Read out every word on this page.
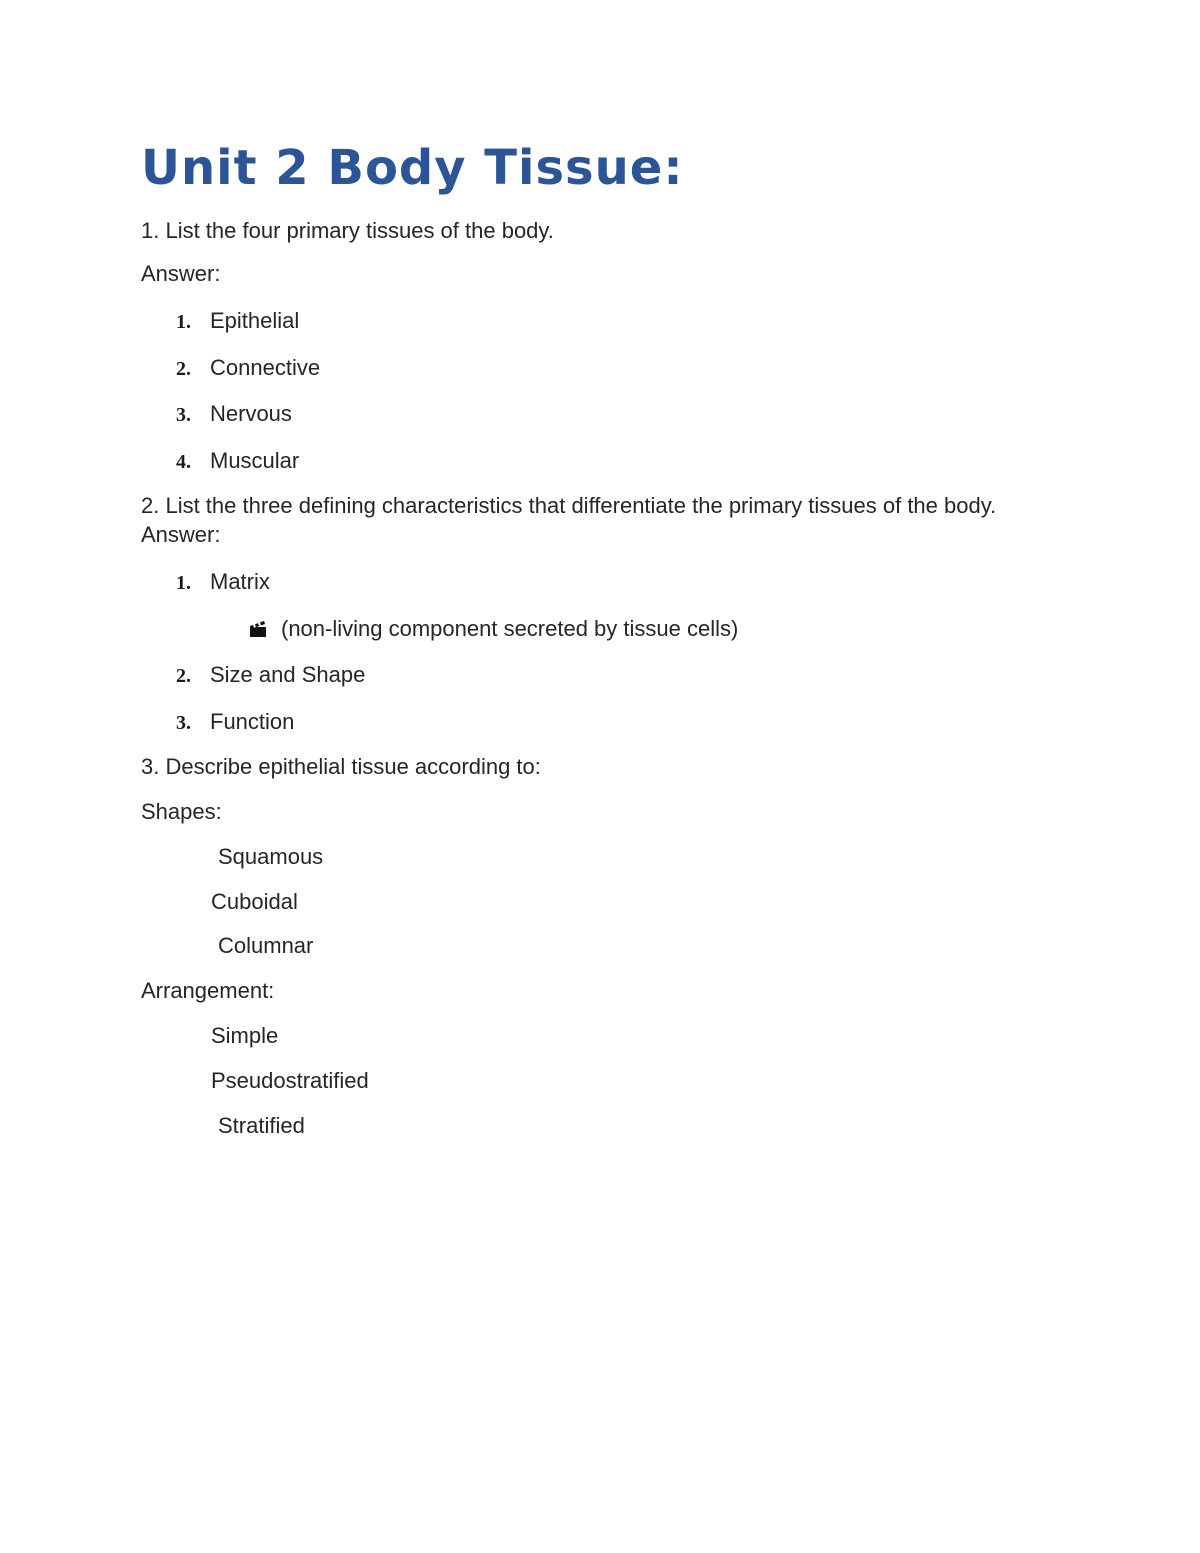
Unit 2 Body Tissue:
1. List the four primary tissues of the body.
Answer:
1. Epithelial
2. Connective
3. Nervous
4. Muscular
2. List the three defining characteristics that differentiate the primary tissues of the body.
Answer:
1. Matrix
(non-living component secreted by tissue cells)
2. Size and Shape
3. Function
3. Describe epithelial tissue according to:
Shapes:
Squamous
Cuboidal
Columnar
Arrangement:
Simple
Pseudostratified
Stratified
